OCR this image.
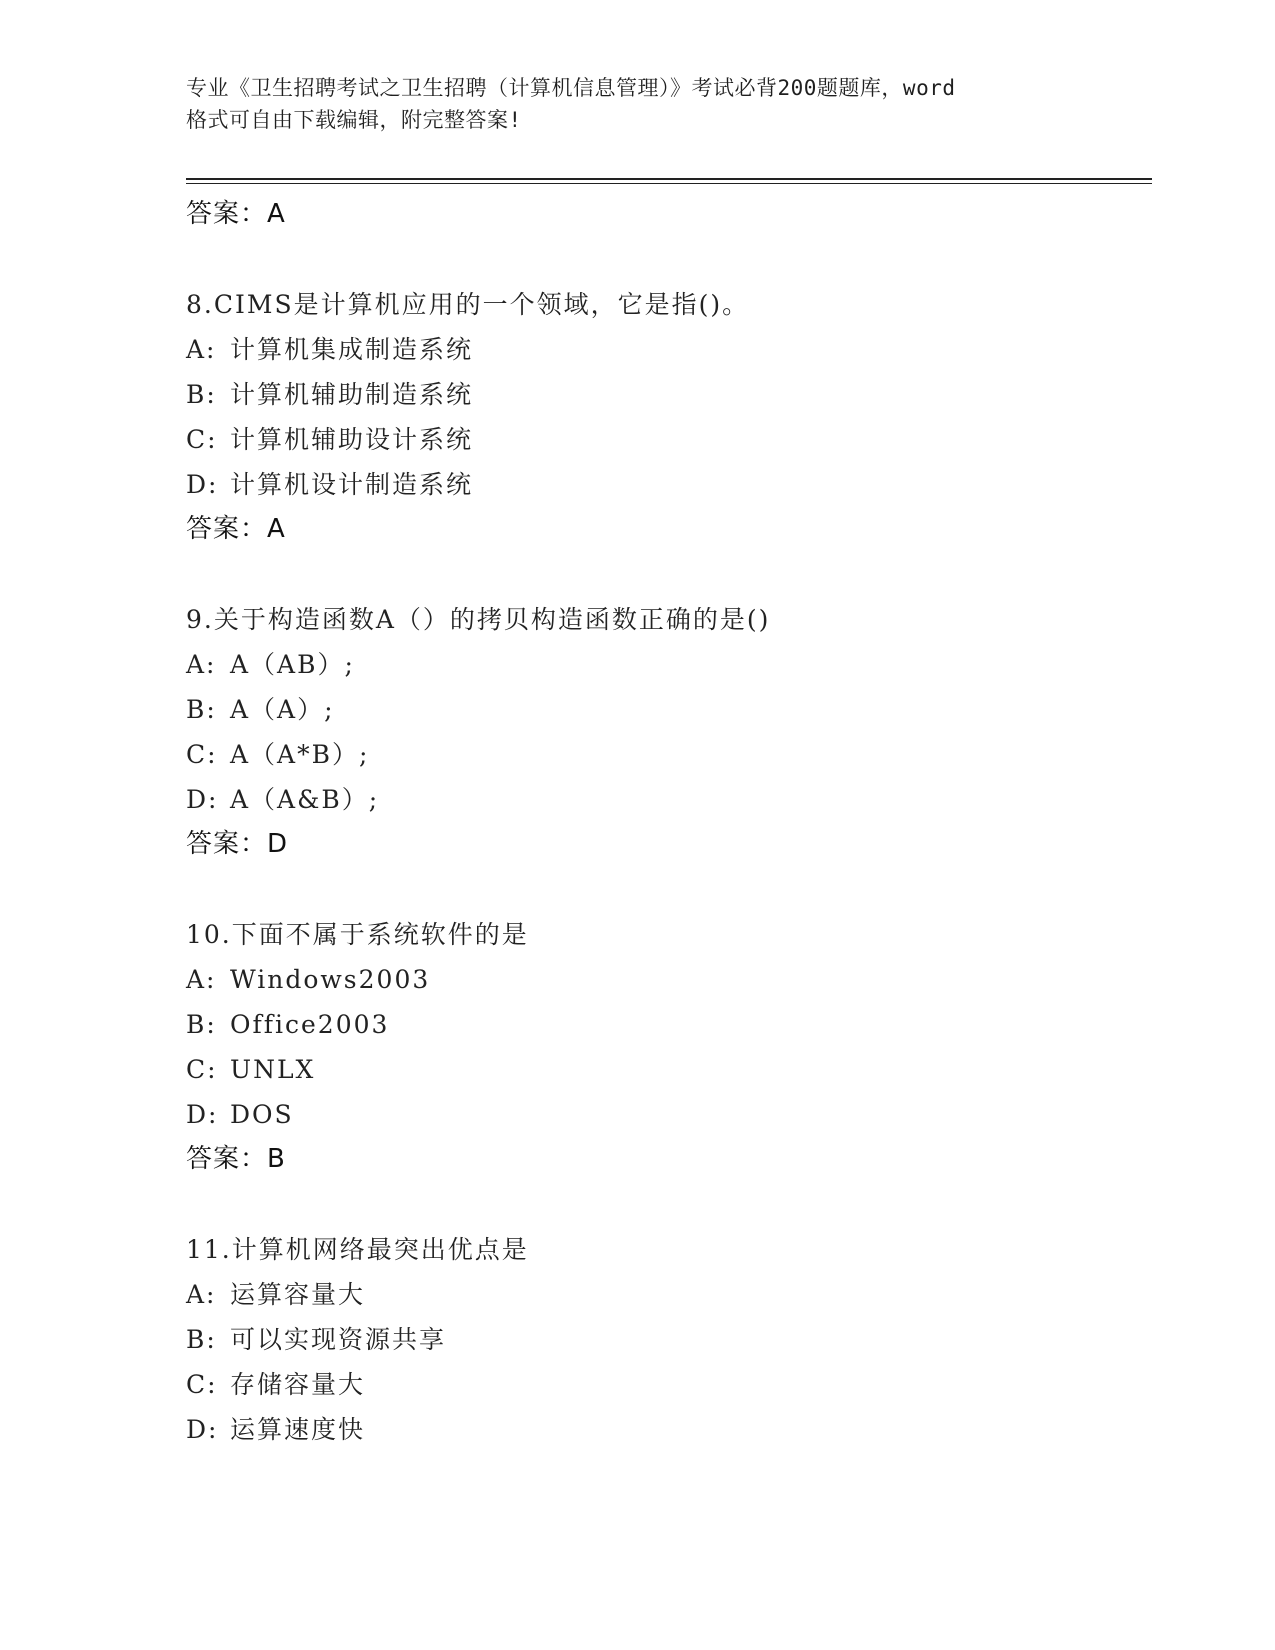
专业《卫生招聘考试之卫生招聘（计算机信息管理）》考试必背200题题库，word
格式可自由下载编辑，附完整答案!
答案：A
8.CIMS是计算机应用的一个领域，它是指()。
A: 计算机集成制造系统
B: 计算机辅助制造系统
C: 计算机辅助设计系统
D: 计算机设计制造系统
答案：A
9.关于构造函数A（）的拷贝构造函数正确的是()
A: A（AB）;
B: A（A）;
C: A（A*B）;
D: A（A&B）;
答案：D
10.下面不属于系统软件的是
A: Windows2003
B: Office2003
C: UNLX
D: DOS
答案：B
11.计算机网络最突出优点是
A: 运算容量大
B: 可以实现资源共享
C: 存储容量大
D: 运算速度快
